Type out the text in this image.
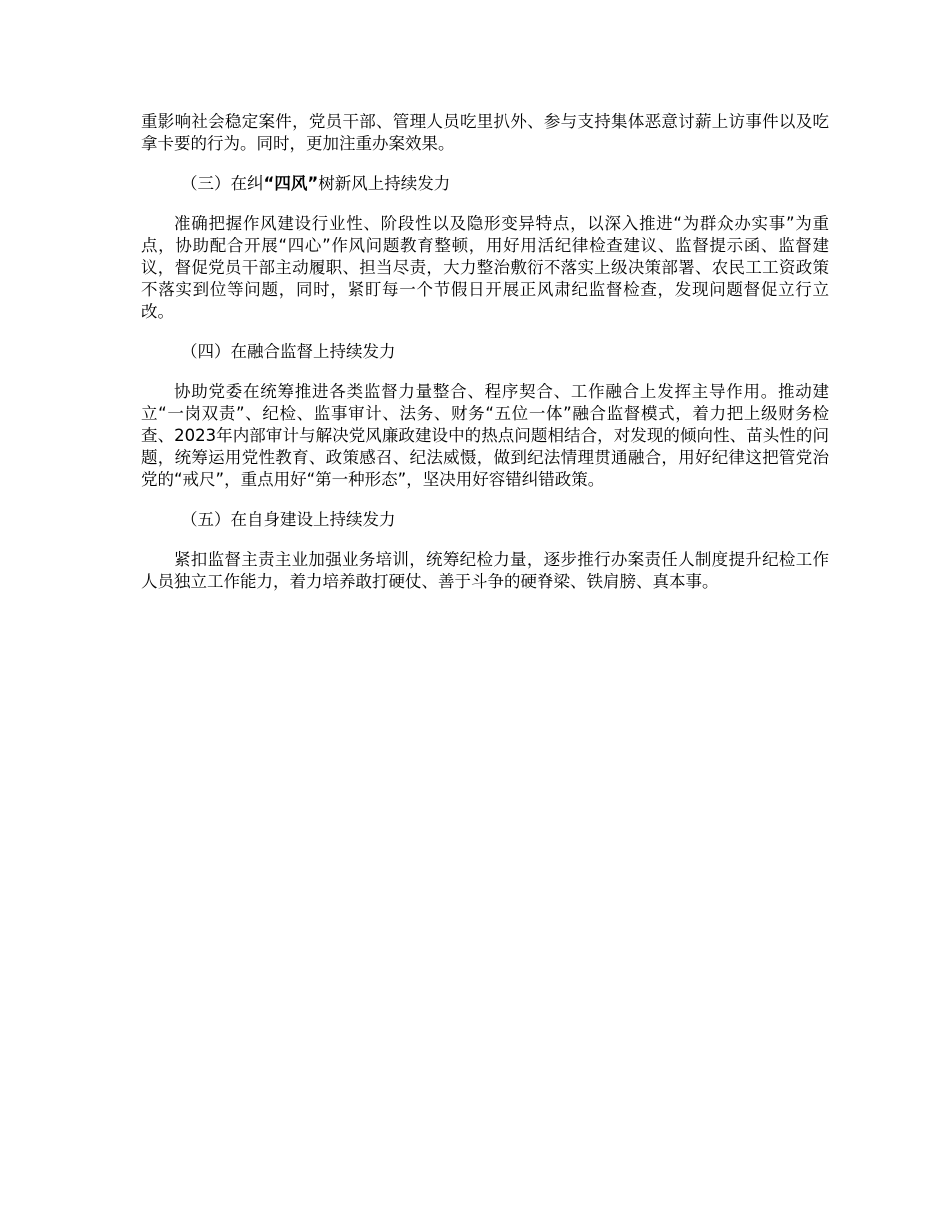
重影响社会稳定案件，党员干部、管理人员吃里扒外、参与支持集体恶意讨薪上访事件以及吃拿卡要的行为。同时，更加注重办案效果。

（三）在纠“四风”树新风上持续发力

准确把握作风建设行业性、阶段性以及隐形变异特点，以深入推进“为群众办实事”为重点，协助配合开展“四心”作风问题教育整顿，用好用活纪律检查建议、监督提示函、监督建议，督促党员干部主动履职、担当尽责，大力整治敷衍不落实上级决策部署、农民工工资政策不落实到位等问题，同时，紧盯每一个节假日开展正风肃纪监督检查，发现问题督促立行立改。

（四）在融合监督上持续发力

协助党委在统筹推进各类监督力量整合、程序契合、工作融合上发挥主导作用。推动建立“一岗双责”、纪检、监事审计、法务、财务“五位一体”融合监督模式，着力把上级财务检查、2023年内部审计与解决党风廉政建设中的热点问题相结合，对发现的倾向性、苗头性的问题，统筹运用党性教育、政策感召、纪法威慑，做到纪法情理贯通融合，用好纪律这把管党治党的“戒尺”，重点用好“第一种形态”，坚决用好容错纠错政策。

（五）在自身建设上持续发力

紧扣监督主责主业加强业务培训，统筹纪检力量，逐步推行办案责任人制度提升纪检工作人员独立工作能力，着力培养敢打硬仗、善于斗争的硬脊梁、铁肩膀、真本事。
